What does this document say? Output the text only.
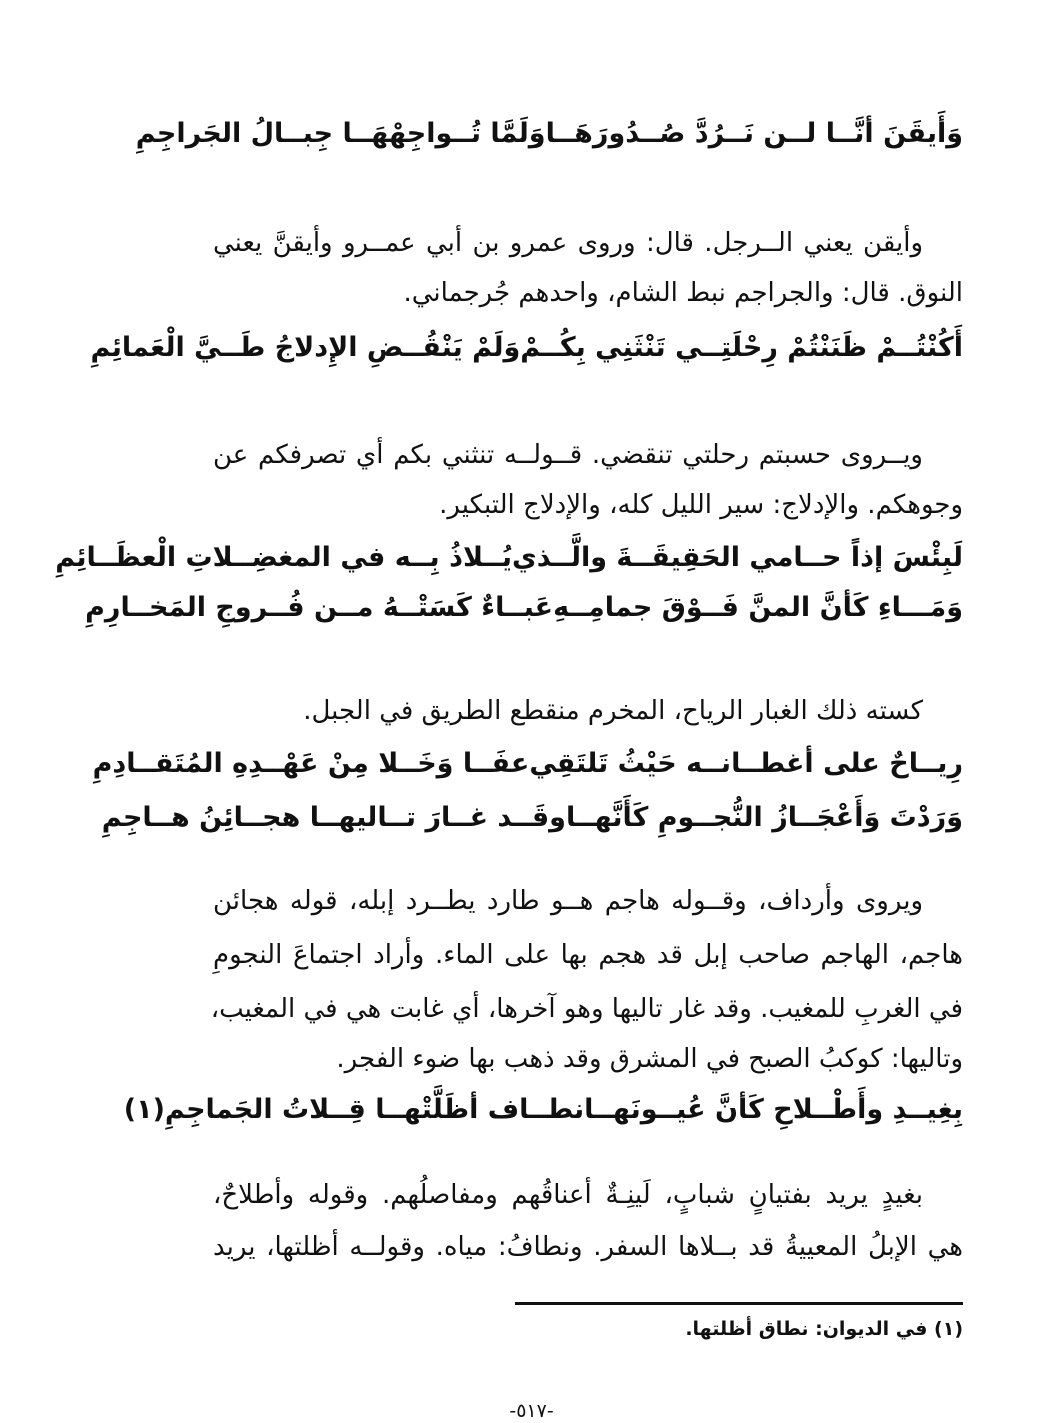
وَأَيقَنَ أنَّــا لــن نَــرُدَّ صُــدُورَهَــا
وَلَمَّا تُــواجِهْهَــا جِبــالُ الجَراجِمِ
وأيقن يعني الــرجل. قال: وروى عمرو بن أبي عمــرو وأيقنَّ يعني
النوق. قال: والجراجم نبط الشام، واحدهم جُرجماني.
أَكُنْتُــمْ ظَنَنْتُمْ رِحْلَتِــي تَنْثَنِي بِكُــمْ
وَلَمْ يَنْقُــضِ الإِدلاجُ طَــيَّ الْعَمائِمِ
ويــروى حسبتم رحلتي تنقضي. قــولــه تنثني بكم أي تصرفكم عن
وجوهكم. والإدلاج: سير الليل كله، والإدلاج التبكير.
لَبِئْسَ إذاً حــامي الحَقِيقَــةَ والَّــذي
يُــلاذُ بِــه في المغضِــلاتِ الْعظَــائِمِ
وَمَـــاءِ كَأنَّ المنَّ فَــوْقَ جمامِــهِ
عَبــاءٌ كَسَتْــهُ مــن فُــروجِ المَخــارِمِ
كسته ذلك الغبار الرياح، المخرم منقطع الطريق في الجبل.
رِيــاحٌ على أغطــانــه حَيْثُ تَلتَقِي
عفَــا وَخَــلا مِنْ عَهْــدِهِ المُتَقــادِمِ
وَرَدْتَ وَأَعْجَــازُ النُّجــومِ كَأَنَّهــا
وقَــد غــارَ تــاليهــا هجــائِنُ هــاجِمِ
ويروى وأرداف، وقــوله هاجم هــو طارد يطــرد إبله، قوله هجائن
هاجم، الهاجم صاحب إبل قد هجم بها على الماء. وأراد اجتماعَ النجومِ
في الغربِ للمغيب. وقد غار تاليها وهو آخرها، أي غابت هي في المغيب،
وتاليها: كوكبُ الصبح في المشرق وقد ذهب بها ضوء الفجر.
بِغِيــدِ وأَطْــلاحِ كَأنَّ عُيــونَهــا
نطــاف أظَلَّتْهــا قِــلاتُ الجَماجِمِ(١)
بغيدٍ يريد بفتيانٍ شبابٍ، لَينِـةٌ أعناقُهم ومفاصلُهم. وقوله وأطلاحٌ،
هي الإبلُ المعييةُ قد بــلاها السفر. ونطافُ: مياه. وقولــه أظلتها، يريد
(١) في الديوان: نطاق أظلتها.
-٥١٧-
